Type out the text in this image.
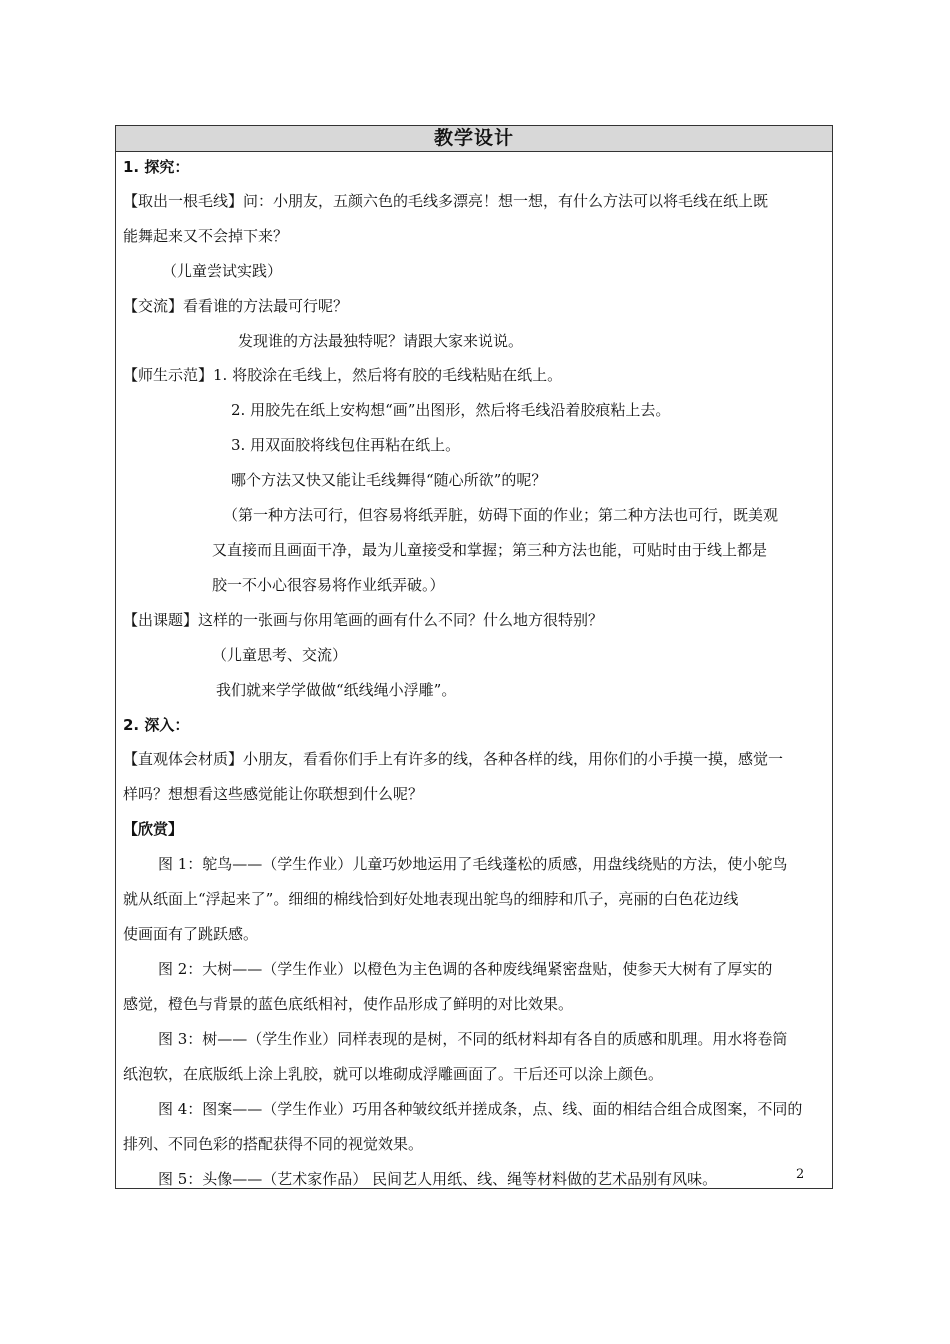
教学设计
1. 探究：
【取出一根毛线】问：小朋友，五颜六色的毛线多漂亮！想一想，有什么方法可以将毛线在纸上既
能舞起来又不会掉下来？
（儿童尝试实践）
【交流】看看谁的方法最可行呢？
发现谁的方法最独特呢？请跟大家来说说。
【师生示范】1. 将胶涂在毛线上，然后将有胶的毛线粘贴在纸上。
2. 用胶先在纸上安构想“画”出图形，然后将毛线沿着胶痕粘上去。
3. 用双面胶将线包住再粘在纸上。
哪个方法又快又能让毛线舞得“随心所欲”的呢？
（第一种方法可行，但容易将纸弄脏，妨碍下面的作业；第二种方法也可行，既美观
又直接而且画面干净，最为儿童接受和掌握；第三种方法也能，可贴时由于线上都是
胶一不小心很容易将作业纸弄破。）
【出课题】这样的一张画与你用笔画的画有什么不同？什么地方很特别？
（儿童思考、交流）
我们就来学学做做“纸线绳小浮雕”。
2. 深入：
【直观体会材质】小朋友，看看你们手上有许多的线，各种各样的线，用你们的小手摸一摸，感觉一
样吗？想想看这些感觉能让你联想到什么呢？
【欣赏】
图 1：鸵鸟——（学生作业）儿童巧妙地运用了毛线蓬松的质感，用盘线绕贴的方法，使小鸵鸟
就从纸面上“浮起来了”。细细的棉线恰到好处地表现出鸵鸟的细脖和爪子，亮丽的白色花边线
使画面有了跳跃感。
图 2：大树——（学生作业）以橙色为主色调的各种废线绳紧密盘贴，使参天大树有了厚实的
感觉，橙色与背景的蓝色底纸相衬，使作品形成了鲜明的对比效果。
图 3：树——（学生作业）同样表现的是树，不同的纸材料却有各自的质感和肌理。用水将卷筒
纸泡软，在底版纸上涂上乳胶，就可以堆砌成浮雕画面了。干后还可以涂上颜色。
图 4：图案——（学生作业）巧用各种皱纹纸并搓成条，点、线、面的相结合组合成图案，不同的
排列、不同色彩的搭配获得不同的视觉效果。
图 5：头像——（艺术家作品） 民间艺人用纸、线、绳等材料做的艺术品别有风味。	2
